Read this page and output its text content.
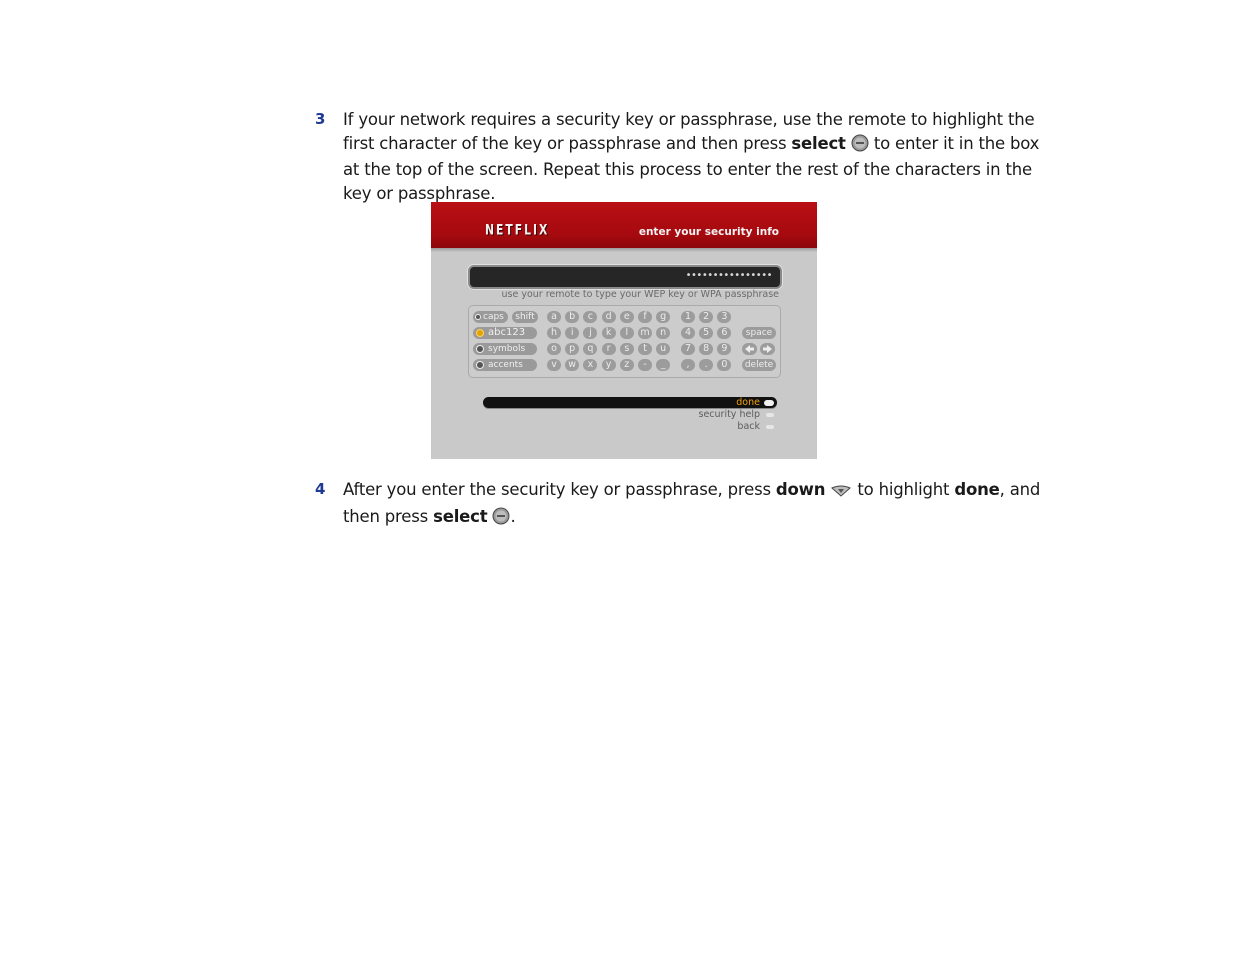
3 If your network requires a security key or passphrase, use the remote to highlight the first character of the key or passphrase and then press select  to enter it in the box at the top of the screen. Repeat this process to enter the rest of the characters in the key or passphrase.
NETFLIX	enter your security info
••••••••••••••••
use your remote to type your WEP key or WPA passphrase
caps	shift
abc123
symbols
accents
a	b	c	d	e	f	g
h	i	j	k	l	m	n
o	p	q	r	s	t	u
v	w	x	y	z	-	_
1	2	3
4	5	6
7	8	9
,	.	0
space
delete
done
security help
back
4 After you enter the security key or passphrase, press down  to highlight done, and then press select .
